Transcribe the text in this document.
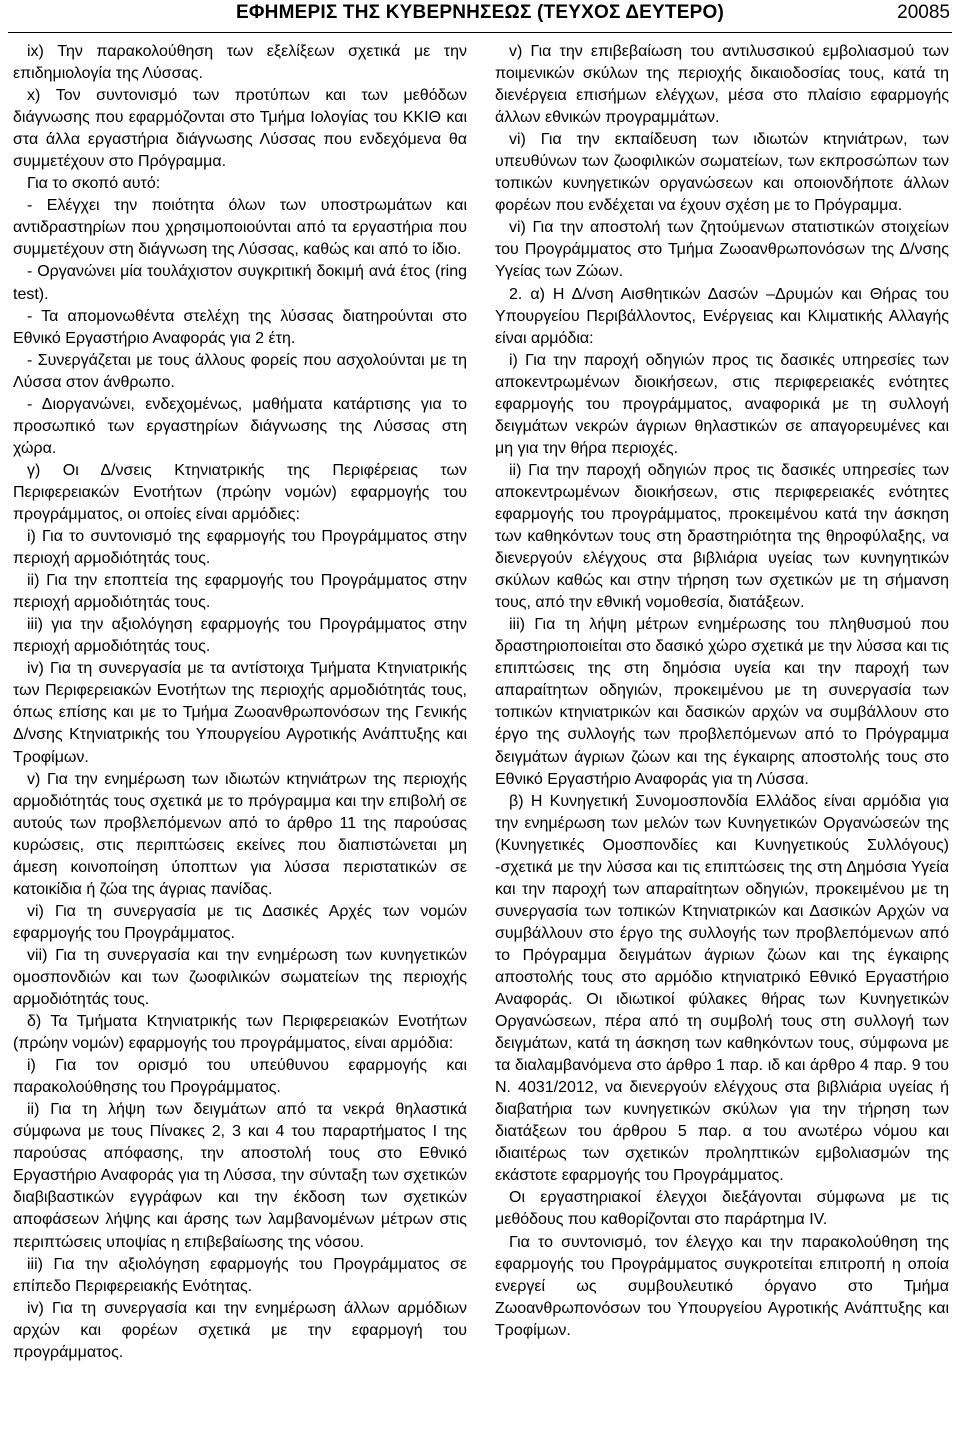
ΕΦΗΜΕΡΙΣ ΤΗΣ ΚΥΒΕΡΝΗΣΕΩΣ (ΤΕΥΧΟΣ ΔΕΥΤΕΡΟ)	20085

ix) Την παρακολούθηση των εξελίξεων σχετικά με την επιδημιολογία της Λύσσας.

x) Τον συντονισμό των προτύπων και των μεθόδων διάγνωσης που εφαρμόζονται στο Τμήμα Ιολογίας του ΚΚΙΘ και στα άλλα εργαστήρια διάγνωσης Λύσσας που ενδεχόμενα θα συμμετέχουν στο Πρόγραμμα.

Για το σκοπό αυτό:

- Ελέγχει την ποιότητα όλων των υποστρωμάτων και αντιδραστηρίων που χρησιμοποιούνται από τα εργαστήρια που συμμετέχουν στη διάγνωση της Λύσσας, καθώς και από το ίδιο.

- Οργανώνει μία τουλάχιστον συγκριτική δοκιμή ανά έτος (ring test).

- Τα απομονωθέντα στελέχη της λύσσας διατηρούνται στο Εθνικό Εργαστήριο Αναφοράς για 2 έτη.

- Συνεργάζεται με τους άλλους φορείς που ασχολούνται με τη Λύσσα στον άνθρωπο.

- Διοργανώνει, ενδεχομένως, μαθήματα κατάρτισης για το προσωπικό των εργαστηρίων διάγνωσης της Λύσσας στη χώρα.

γ) Οι Δ/νσεις Κτηνιατρικής της Περιφέρειας των Περιφερειακών Ενοτήτων (πρώην νομών) εφαρμογής του προγράμματος, οι οποίες είναι αρμόδιες:

i) Για το συντονισμό της εφαρμογής του Προγράμματος στην περιοχή αρμοδιότητάς τους.

ii) Για την εποπτεία της εφαρμογής του Προγράμματος στην περιοχή αρμοδιότητάς τους.

iii) για την αξιολόγηση εφαρμογής του Προγράμματος στην περιοχή αρμοδιότητάς τους.

iv) Για τη συνεργασία με τα αντίστοιχα Τμήματα Κτηνιατρικής των Περιφερειακών Ενοτήτων της περιοχής αρμοδιότητάς τους, όπως επίσης και με το Τμήμα Ζωοανθρωπονόσων της Γενικής Δ/νσης Κτηνιατρικής του Υπουργείου Αγροτικής Ανάπτυξης και Τροφίμων.

v) Για την ενημέρωση των ιδιωτών κτηνιάτρων της περιοχής αρμοδιότητάς τους σχετικά με το πρόγραμμα και την επιβολή σε αυτούς των προβλεπόμενων από το άρθρο 11 της παρούσας κυρώσεις, στις περιπτώσεις εκείνες που διαπιστώνεται μη άμεση κοινοποίηση ύποπτων για λύσσα περιστατικών σε κατοικίδια ή ζώα της άγριας πανίδας.

vi) Για τη συνεργασία με τις Δασικές Αρχές των νομών εφαρμογής του Προγράμματος.

vii) Για τη συνεργασία και την ενημέρωση των κυνηγετικών ομοσπονδιών και των ζωοφιλικών σωματείων της περιοχής αρμοδιότητάς τους.

δ) Τα Τμήματα Κτηνιατρικής των Περιφερειακών Ενοτήτων (πρώην νομών) εφαρμογής του προγράμματος, είναι αρμόδια:

i) Για τον ορισμό του υπεύθυνου εφαρμογής και παρακολούθησης του Προγράμματος.

ii) Για τη λήψη των δειγμάτων από τα νεκρά θηλαστικά σύμφωνα με τους Πίνακες 2, 3 και 4 του παραρτήματος Ι της παρούσας απόφασης, την αποστολή τους στο Εθνικό Εργαστήριο Αναφοράς για τη Λύσσα, την σύνταξη των σχετικών διαβιβαστικών εγγράφων και την έκδοση των σχετικών αποφάσεων λήψης και άρσης των λαμβανομένων μέτρων στις περιπτώσεις υποψίας η επιβεβαίωσης της νόσου.

iii) Για την αξιολόγηση εφαρμογής του Προγράμματος σε επίπεδο Περιφερειακής Ενότητας.

iv) Για τη συνεργασία και την ενημέρωση άλλων αρμόδιων αρχών και φορέων σχετικά με την εφαρμογή του προγράμματος.

v) Για την επιβεβαίωση του αντιλυσσικού εμβολιασμού των ποιμενικών σκύλων της περιοχής δικαιοδοσίας τους, κατά τη διενέργεια επισήμων ελέγχων, μέσα στο πλαίσιο εφαρμογής άλλων εθνικών προγραμμάτων.

vi) Για την εκπαίδευση των ιδιωτών κτηνιάτρων, των υπευθύνων των ζωοφιλικών σωματείων, των εκπροσώπων των τοπικών κυνηγετικών οργανώσεων και οποιονδήποτε άλλων φορέων που ενδέχεται να έχουν σχέση με το Πρόγραμμα.

vi) Για την αποστολή των ζητούμενων στατιστικών στοιχείων του Προγράμματος στο Τμήμα Ζωοανθρωπονόσων της Δ/νσης Υγείας των Ζώων.

2. α) Η Δ/νση Αισθητικών Δασών –Δρυμών και Θήρας του Υπουργείου Περιβάλλοντος, Ενέργειας και Κλιματικής Αλλαγής είναι αρμόδια:

i) Για την παροχή οδηγιών προς τις δασικές υπηρεσίες των αποκεντρωμένων διοικήσεων, στις περιφερειακές ενότητες εφαρμογής του προγράμματος, αναφορικά με τη συλλογή δειγμάτων νεκρών άγριων θηλαστικών σε απαγορευμένες και μη για την θήρα περιοχές.

ii) Για την παροχή οδηγιών προς τις δασικές υπηρεσίες των αποκεντρωμένων διοικήσεων, στις περιφερειακές ενότητες εφαρμογής του προγράμματος, προκειμένου κατά την άσκηση των καθηκόντων τους στη δραστηριότητα της θηροφύλαξης, να διενεργούν ελέγχους στα βιβλιάρια υγείας των κυνηγητικών σκύλων καθώς και στην τήρηση των σχετικών με τη σήμανση τους, από την εθνική νομοθεσία, διατάξεων.

iii) Για τη λήψη μέτρων ενημέρωσης του πληθυσμού που δραστηριοποιείται στο δασικό χώρο σχετικά με την λύσσα και τις επιπτώσεις της στη δημόσια υγεία και την παροχή των απαραίτητων οδηγιών, προκειμένου με τη συνεργασία των τοπικών κτηνιατρικών και δασικών αρχών να συμβάλλουν στο έργο της συλλογής των προβλεπόμενων από το Πρόγραμμα δειγμάτων άγριων ζώων και της έγκαιρης αποστολής τους στο Εθνικό Εργαστήριο Αναφοράς για τη Λύσσα.

β) Η Κυνηγετική Συνομοσπονδία Ελλάδος είναι αρμόδια για την ενημέρωση των μελών των Κυνηγετικών Οργανώσεών της (Κυνηγετικές Ομοσπονδίες και Κυνηγετικούς Συλλόγους) -σχετικά με την λύσσα και τις επιπτώσεις της στη Δημόσια Υγεία και την παροχή των απαραίτητων οδηγιών, προκειμένου με τη συνεργασία των τοπικών Κτηνιατρικών και Δασικών Αρχών να συμβάλλουν στο έργο της συλλογής των προβλεπόμενων από το Πρόγραμμα δειγμάτων άγριων ζώων και της έγκαιρης αποστολής τους στο αρμόδιο κτηνιατρικό Εθνικό Εργαστήριο Αναφοράς. Οι ιδιωτικοί φύλακες θήρας των Κυνηγετικών Οργανώσεων, πέρα από τη συμβολή τους στη συλλογή των δειγμάτων, κατά τη άσκηση των καθηκόντων τους, σύμφωνα με τα διαλαμβανόμενα στο άρθρο 1 παρ. ιδ και άρθρο 4 παρ. 9 του Ν. 4031/2012, να διενεργούν ελέγχους στα βιβλιάρια υγείας ή διαβατήρια των κυνηγετικών σκύλων για την τήρηση των διατάξεων του άρθρου 5 παρ. α του ανωτέρω νόμου και ιδιαιτέρως των σχετικών προληπτικών εμβολιασμών της εκάστοτε εφαρμογής του Προγράμματος.

Οι εργαστηριακοί έλεγχοι διεξάγονται σύμφωνα με τις μεθόδους που καθορίζονται στο παράρτημα IV.

Για το συντονισμό, τον έλεγχο και την παρακολούθηση της εφαρμογής του Προγράμματος συγκροτείται επιτροπή η οποία ενεργεί ως συμβουλευτικό όργανο στο Τμήμα Ζωοανθρωπονόσων του Υπουργείου Αγροτικής Ανάπτυξης και Τροφίμων.
